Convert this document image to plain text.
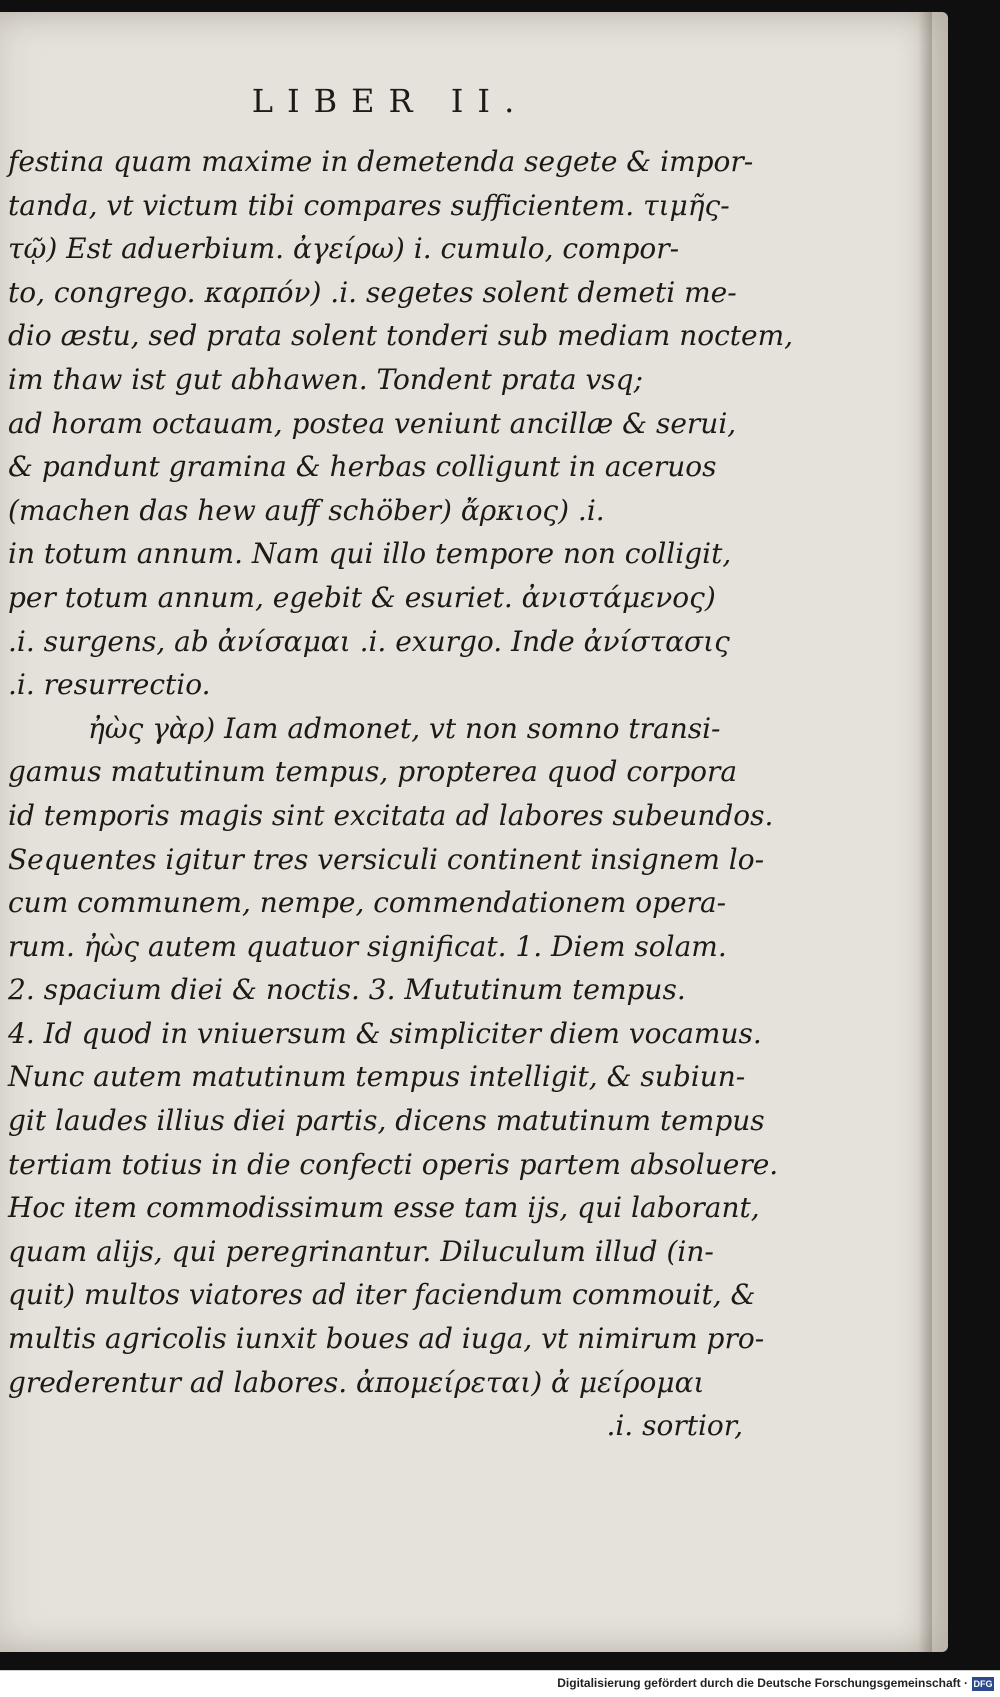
LIBER II.
festina quam maxime in demetenda segete & impor-
tanda, vt victum tibi compares sufficientem. τιμῆς-
τῷ) Est aduerbium. ἀγείρω) i. cumulo, compor-
to, congrego. καρπόν) .i. segetes solent demeti me-
dio æstu, sed prata solent tonderi sub mediam noctem,
im thaw ist gut abhawen. Tondent prata vsq;
ad horam octauam, postea veniunt ancillæ & serui,
& pandunt gramina & herbas colligunt in aceruos
(machen das hew auff schöber) ἄρκιος) .i.
in totum annum. Nam qui illo tempore non colligit,
per totum annum, egebit & esuriet. ἀνιστάμενος)
.i. surgens, ab ἀνίσαμαι .i. exurgo. Inde ἀνίστασις
.i. resurrectio.
ἠὼς γὰρ) Iam admonet, vt non somno transi-
gamus matutinum tempus, propterea quod corpora
id temporis magis sint excitata ad labores subeundos.
Sequentes igitur tres versiculi continent insignem lo-
cum communem, nempe, commendationem opera-
rum. ἠὼς autem quatuor significat. 1. Diem solam.
2. spacium diei & noctis. 3. Mututinum tempus.
4. Id quod in vniuersum & simpliciter diem vocamus.
Nunc autem matutinum tempus intelligit, & subiun-
git laudes illius diei partis, dicens matutinum tempus
tertiam totius in die confecti operis partem absoluere.
Hoc item commodissimum esse tam ijs, qui laborant,
quam alijs, qui peregrinantur. Diluculum illud (in-
quit) multos viatores ad iter faciendum commouit, &
multis agricolis iunxit boues ad iuga, vt nimirum pro-
grederentur ad labores. ἀπομείρεται) ἀ μείρομαι
.i. sortior,
Digitalisierung gefördert durch die Deutsche Forschungsgemeinschaft · DFG
